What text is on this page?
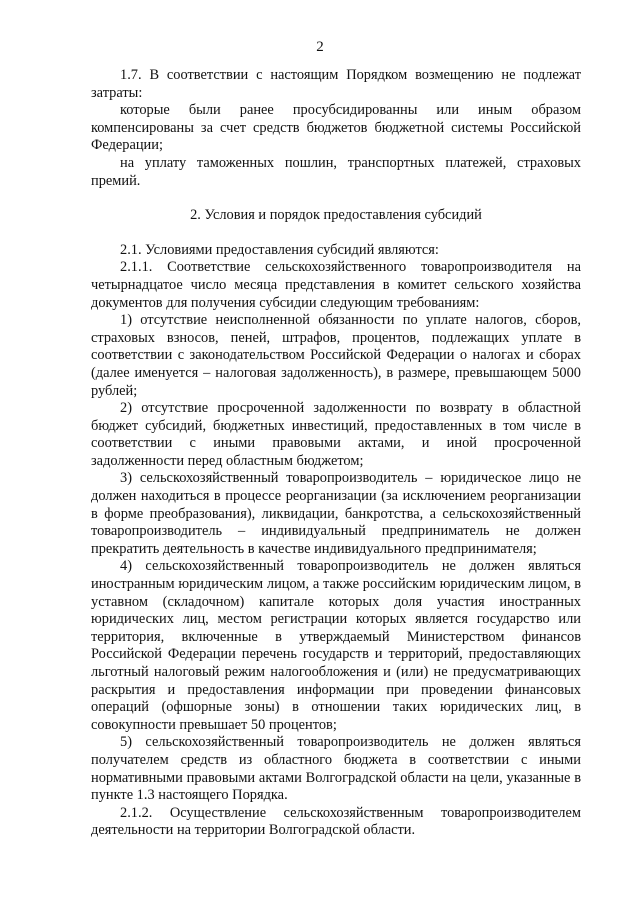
2

1.7. В соответствии с настоящим Порядком возмещению не подлежат затраты:

которые были ранее просубсидированны или иным образом компенсированы за счет средств бюджетов бюджетной системы Российской Федерации;

на уплату таможенных пошлин, транспортных платежей, страховых премий.

2. Условия и порядок предоставления субсидий

2.1. Условиями предоставления субсидий являются:

2.1.1. Соответствие сельскохозяйственного товаропроизводителя на четырнадцатое число месяца представления в комитет сельского хозяйства документов для получения субсидии следующим требованиям:

1) отсутствие неисполненной обязанности по уплате налогов, сборов, страховых взносов, пеней, штрафов, процентов, подлежащих уплате в соответствии с законодательством Российской Федерации о налогах и сборах (далее именуется – налоговая задолженность), в размере, превышающем 5000 рублей;

2) отсутствие просроченной задолженности по возврату в областной бюджет субсидий, бюджетных инвестиций, предоставленных в том числе в соответствии с иными правовыми актами, и иной просроченной задолженности перед областным бюджетом;

3) сельскохозяйственный товаропроизводитель – юридическое лицо не должен находиться в процессе реорганизации (за исключением реорганизации в форме преобразования), ликвидации, банкротства, а сельскохозяйственный товаропроизводитель – индивидуальный предприниматель не должен прекратить деятельность в качестве индивидуального предпринимателя;

4) сельскохозяйственный товаропроизводитель не должен являться иностранным юридическим лицом, а также российским юридическим лицом, в уставном (складочном) капитале которых доля участия иностранных юридических лиц, местом регистрации которых является государство или территория, включенные в утверждаемый Министерством финансов Российской Федерации перечень государств и территорий, предоставляющих льготный налоговый режим налогообложения и (или) не предусматривающих раскрытия и предоставления информации при проведении финансовых операций (офшорные зоны) в отношении таких юридических лиц, в совокупности превышает 50 процентов;

5) сельскохозяйственный товаропроизводитель не должен являться получателем средств из областного бюджета в соответствии с иными нормативными правовыми актами Волгоградской области на цели, указанные в пункте 1.3 настоящего Порядка.

2.1.2. Осуществление сельскохозяйственным товаропроизводителем деятельности на территории Волгоградской области.
